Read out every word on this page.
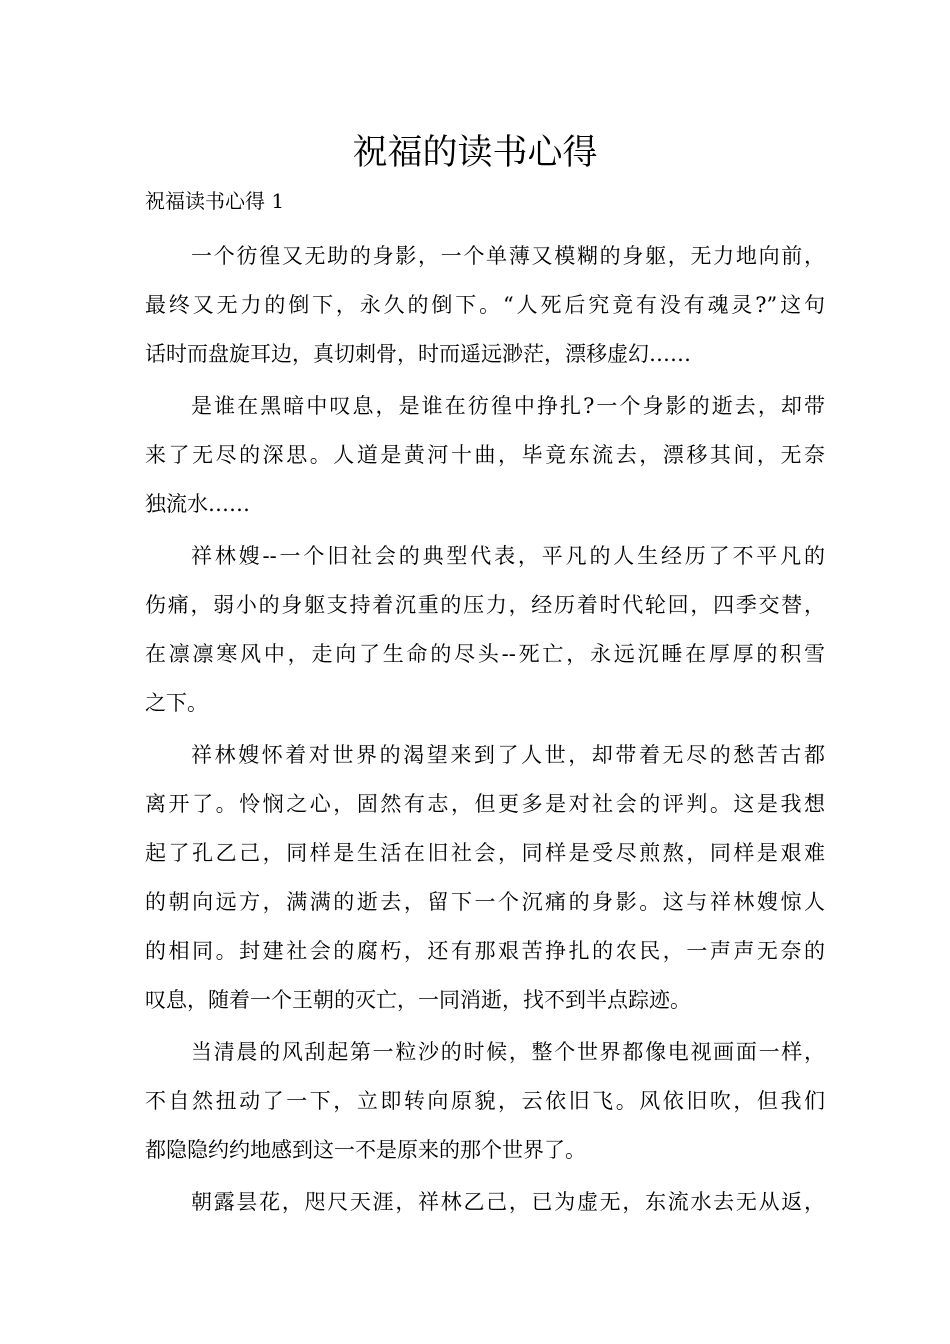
祝福的读书心得
祝福读书心得 1

一个彷徨又无助的身影，一个单薄又模糊的身躯，无力地向前，
最终又无力的倒下，永久的倒下。“人死后究竟有没有魂灵?”这句
话时而盘旋耳边，真切刺骨，时而遥远渺茫，漂移虚幻……

是谁在黑暗中叹息，是谁在彷徨中挣扎?一个身影的逝去，却带
来了无尽的深思。人道是黄河十曲，毕竟东流去，漂移其间，无奈
独流水……

祥林嫂--一个旧社会的典型代表，平凡的人生经历了不平凡的
伤痛，弱小的身躯支持着沉重的压力，经历着时代轮回，四季交替，
在凛凛寒风中，走向了生命的尽头--死亡，永远沉睡在厚厚的积雪
之下。

祥林嫂怀着对世界的渴望来到了人世，却带着无尽的愁苦古都
离开了。怜悯之心，固然有志，但更多是对社会的评判。这是我想
起了孔乙己，同样是生活在旧社会，同样是受尽煎熬，同样是艰难
的朝向远方，满满的逝去，留下一个沉痛的身影。这与祥林嫂惊人
的相同。封建社会的腐朽，还有那艰苦挣扎的农民，一声声无奈的
叹息，随着一个王朝的灭亡，一同消逝，找不到半点踪迹。

当清晨的风刮起第一粒沙的时候，整个世界都像电视画面一样，
不自然扭动了一下，立即转向原貌，云依旧飞。风依旧吹，但我们
都隐隐约约地感到这一不是原来的那个世界了。

朝露昙花，咫尺天涯，祥林乙己，已为虚无，东流水去无从返，
